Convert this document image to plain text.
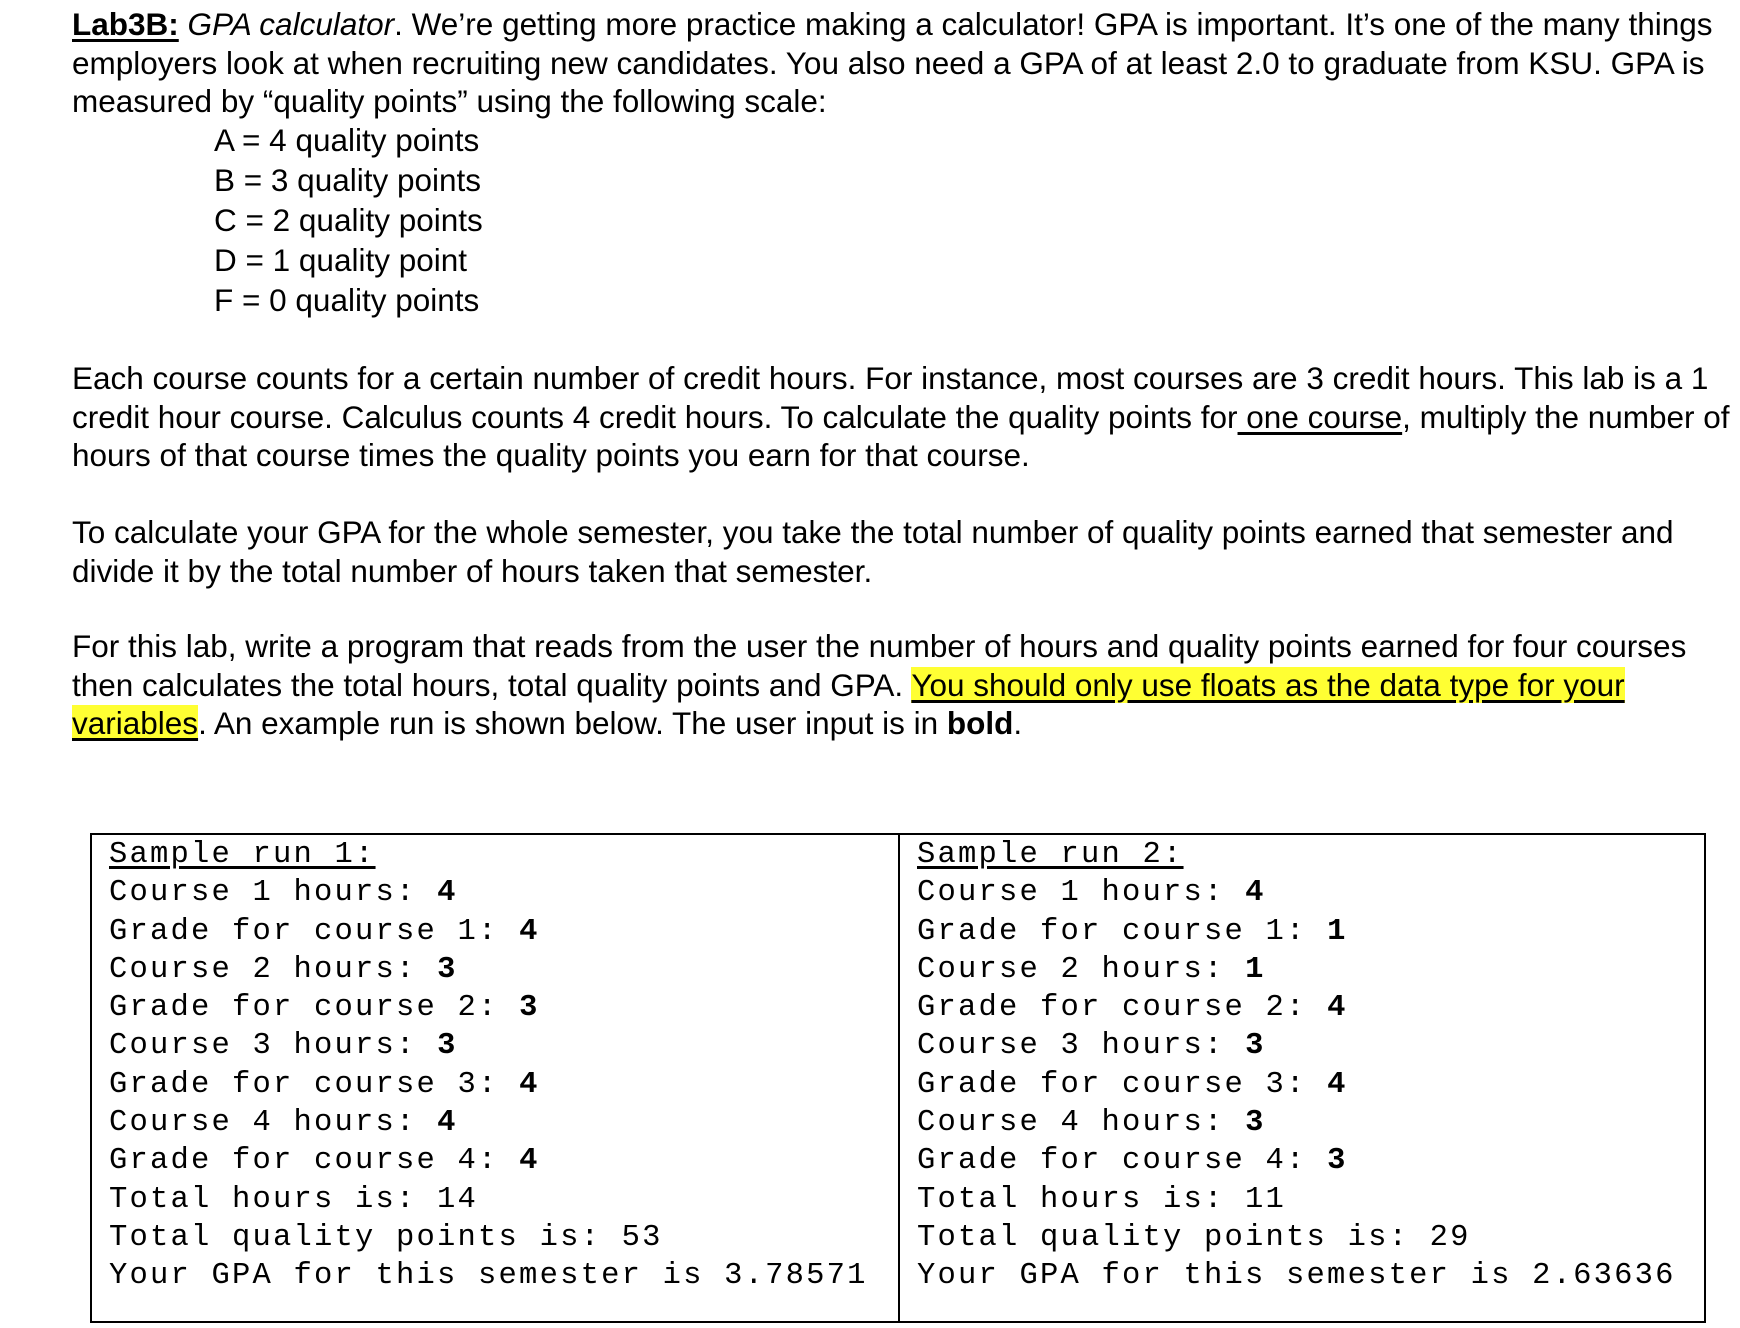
Lab3B: GPA calculator. We’re getting more practice making a calculator! GPA is important. It’s one of the many things employers look at when recruiting new candidates. You also need a GPA of at least 2.0 to graduate from KSU. GPA is measured by “quality points” using the following scale:

A = 4 quality points
B = 3 quality points
C = 2 quality points
D = 1 quality point
F = 0 quality points

Each course counts for a certain number of credit hours. For instance, most courses are 3 credit hours. This lab is a 1 credit hour course. Calculus counts 4 credit hours. To calculate the quality points for one course, multiply the number of hours of that course times the quality points you earn for that course.

To calculate your GPA for the whole semester, you take the total number of quality points earned that semester and divide it by the total number of hours taken that semester.

For this lab, write a program that reads from the user the number of hours and quality points earned for four courses then calculates the total hours, total quality points and GPA. You should only use floats as the data type for your variables. An example run is shown below. The user input is in bold.

Sample run 1:
Course 1 hours: 4
Grade for course 1: 4
Course 2 hours: 3
Grade for course 2: 3
Course 3 hours: 3
Grade for course 3: 4
Course 4 hours: 4
Grade for course 4: 4
Total hours is: 14
Total quality points is: 53
Your GPA for this semester is 3.78571
Sample run 2:
Course 1 hours: 4
Grade for course 1: 1
Course 2 hours: 1
Grade for course 2: 4
Course 3 hours: 3
Grade for course 3: 4
Course 4 hours: 3
Grade for course 4: 3
Total hours is: 11
Total quality points is: 29
Your GPA for this semester is 2.63636
